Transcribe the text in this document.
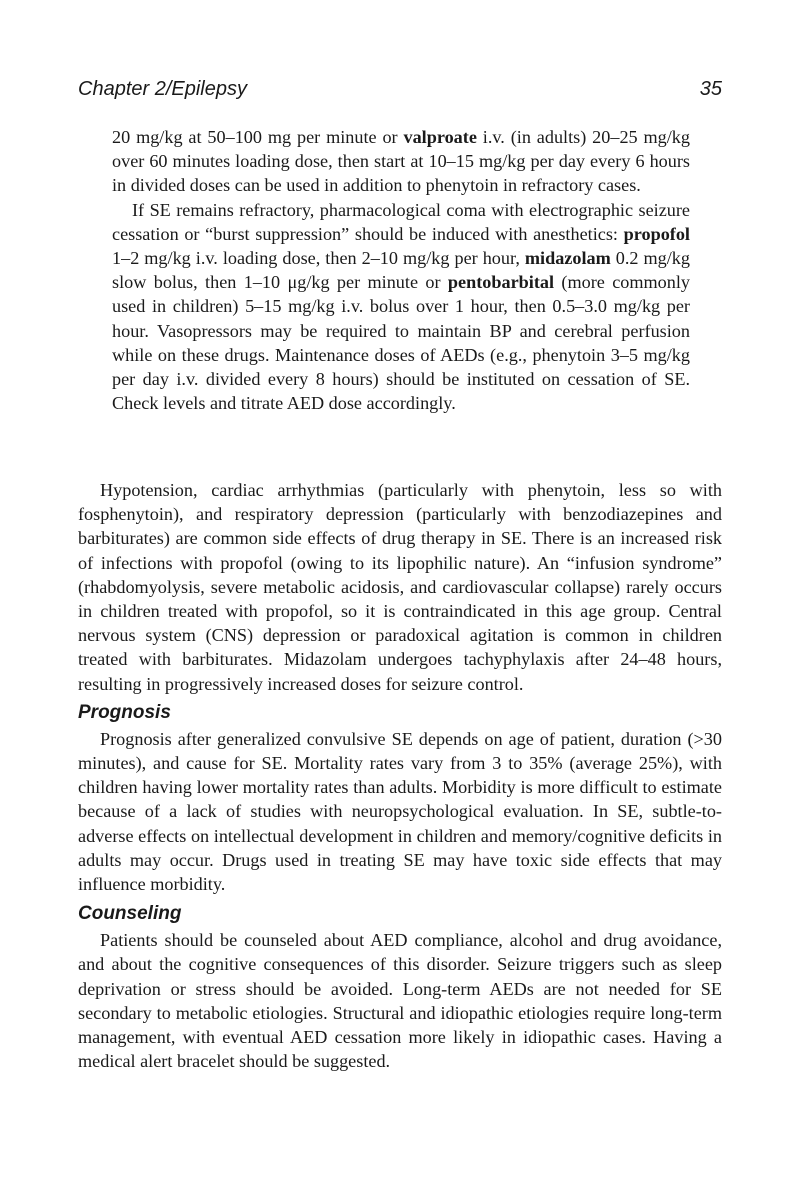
Chapter 2/Epilepsy	35

20 mg/kg at 50–100 mg per minute or valproate i.v. (in adults) 20–25 mg/kg over 60 minutes loading dose, then start at 10–15 mg/kg per day every 6 hours in divided doses can be used in addition to phenytoin in refractory cases.

If SE remains refractory, pharmacological coma with electrographic seizure cessation or “burst suppression” should be induced with anesthetics: propofol 1–2 mg/kg i.v. loading dose, then 2–10 mg/kg per hour, midazolam 0.2 mg/kg slow bolus, then 1–10 μg/kg per minute or pentobarbital (more commonly used in children) 5–15 mg/kg i.v. bolus over 1 hour, then 0.5–3.0 mg/kg per hour. Vasopressors may be required to maintain BP and cerebral perfusion while on these drugs. Maintenance doses of AEDs (e.g., phenytoin 3–5 mg/kg per day i.v. divided every 8 hours) should be instituted on cessation of SE. Check levels and titrate AED dose accordingly.

Hypotension, cardiac arrhythmias (particularly with phenytoin, less so with fosphenytoin), and respiratory depression (particularly with benzodiazepines and barbiturates) are common side effects of drug therapy in SE. There is an increased risk of infections with propofol (owing to its lipophilic nature). An “infusion syndrome” (rhabdomyolysis, severe metabolic acidosis, and cardiovascular collapse) rarely occurs in children treated with propofol, so it is contraindicated in this age group. Central nervous system (CNS) depression or paradoxical agitation is common in children treated with barbiturates. Midazolam undergoes tachyphylaxis after 24–48 hours, resulting in progressively increased doses for seizure control.

Prognosis

Prognosis after generalized convulsive SE depends on age of patient, duration (>30 minutes), and cause for SE. Mortality rates vary from 3 to 35% (average 25%), with children having lower mortality rates than adults. Morbidity is more difficult to estimate because of a lack of studies with neuropsychological evaluation. In SE, subtle-to-adverse effects on intellectual development in children and memory/cognitive deficits in adults may occur. Drugs used in treating SE may have toxic side effects that may influence morbidity.

Counseling

Patients should be counseled about AED compliance, alcohol and drug avoidance, and about the cognitive consequences of this disorder. Seizure triggers such as sleep deprivation or stress should be avoided. Long-term AEDs are not needed for SE secondary to metabolic etiologies. Structural and idiopathic etiologies require long-term management, with eventual AED cessation more likely in idiopathic cases. Having a medical alert bracelet should be suggested.
